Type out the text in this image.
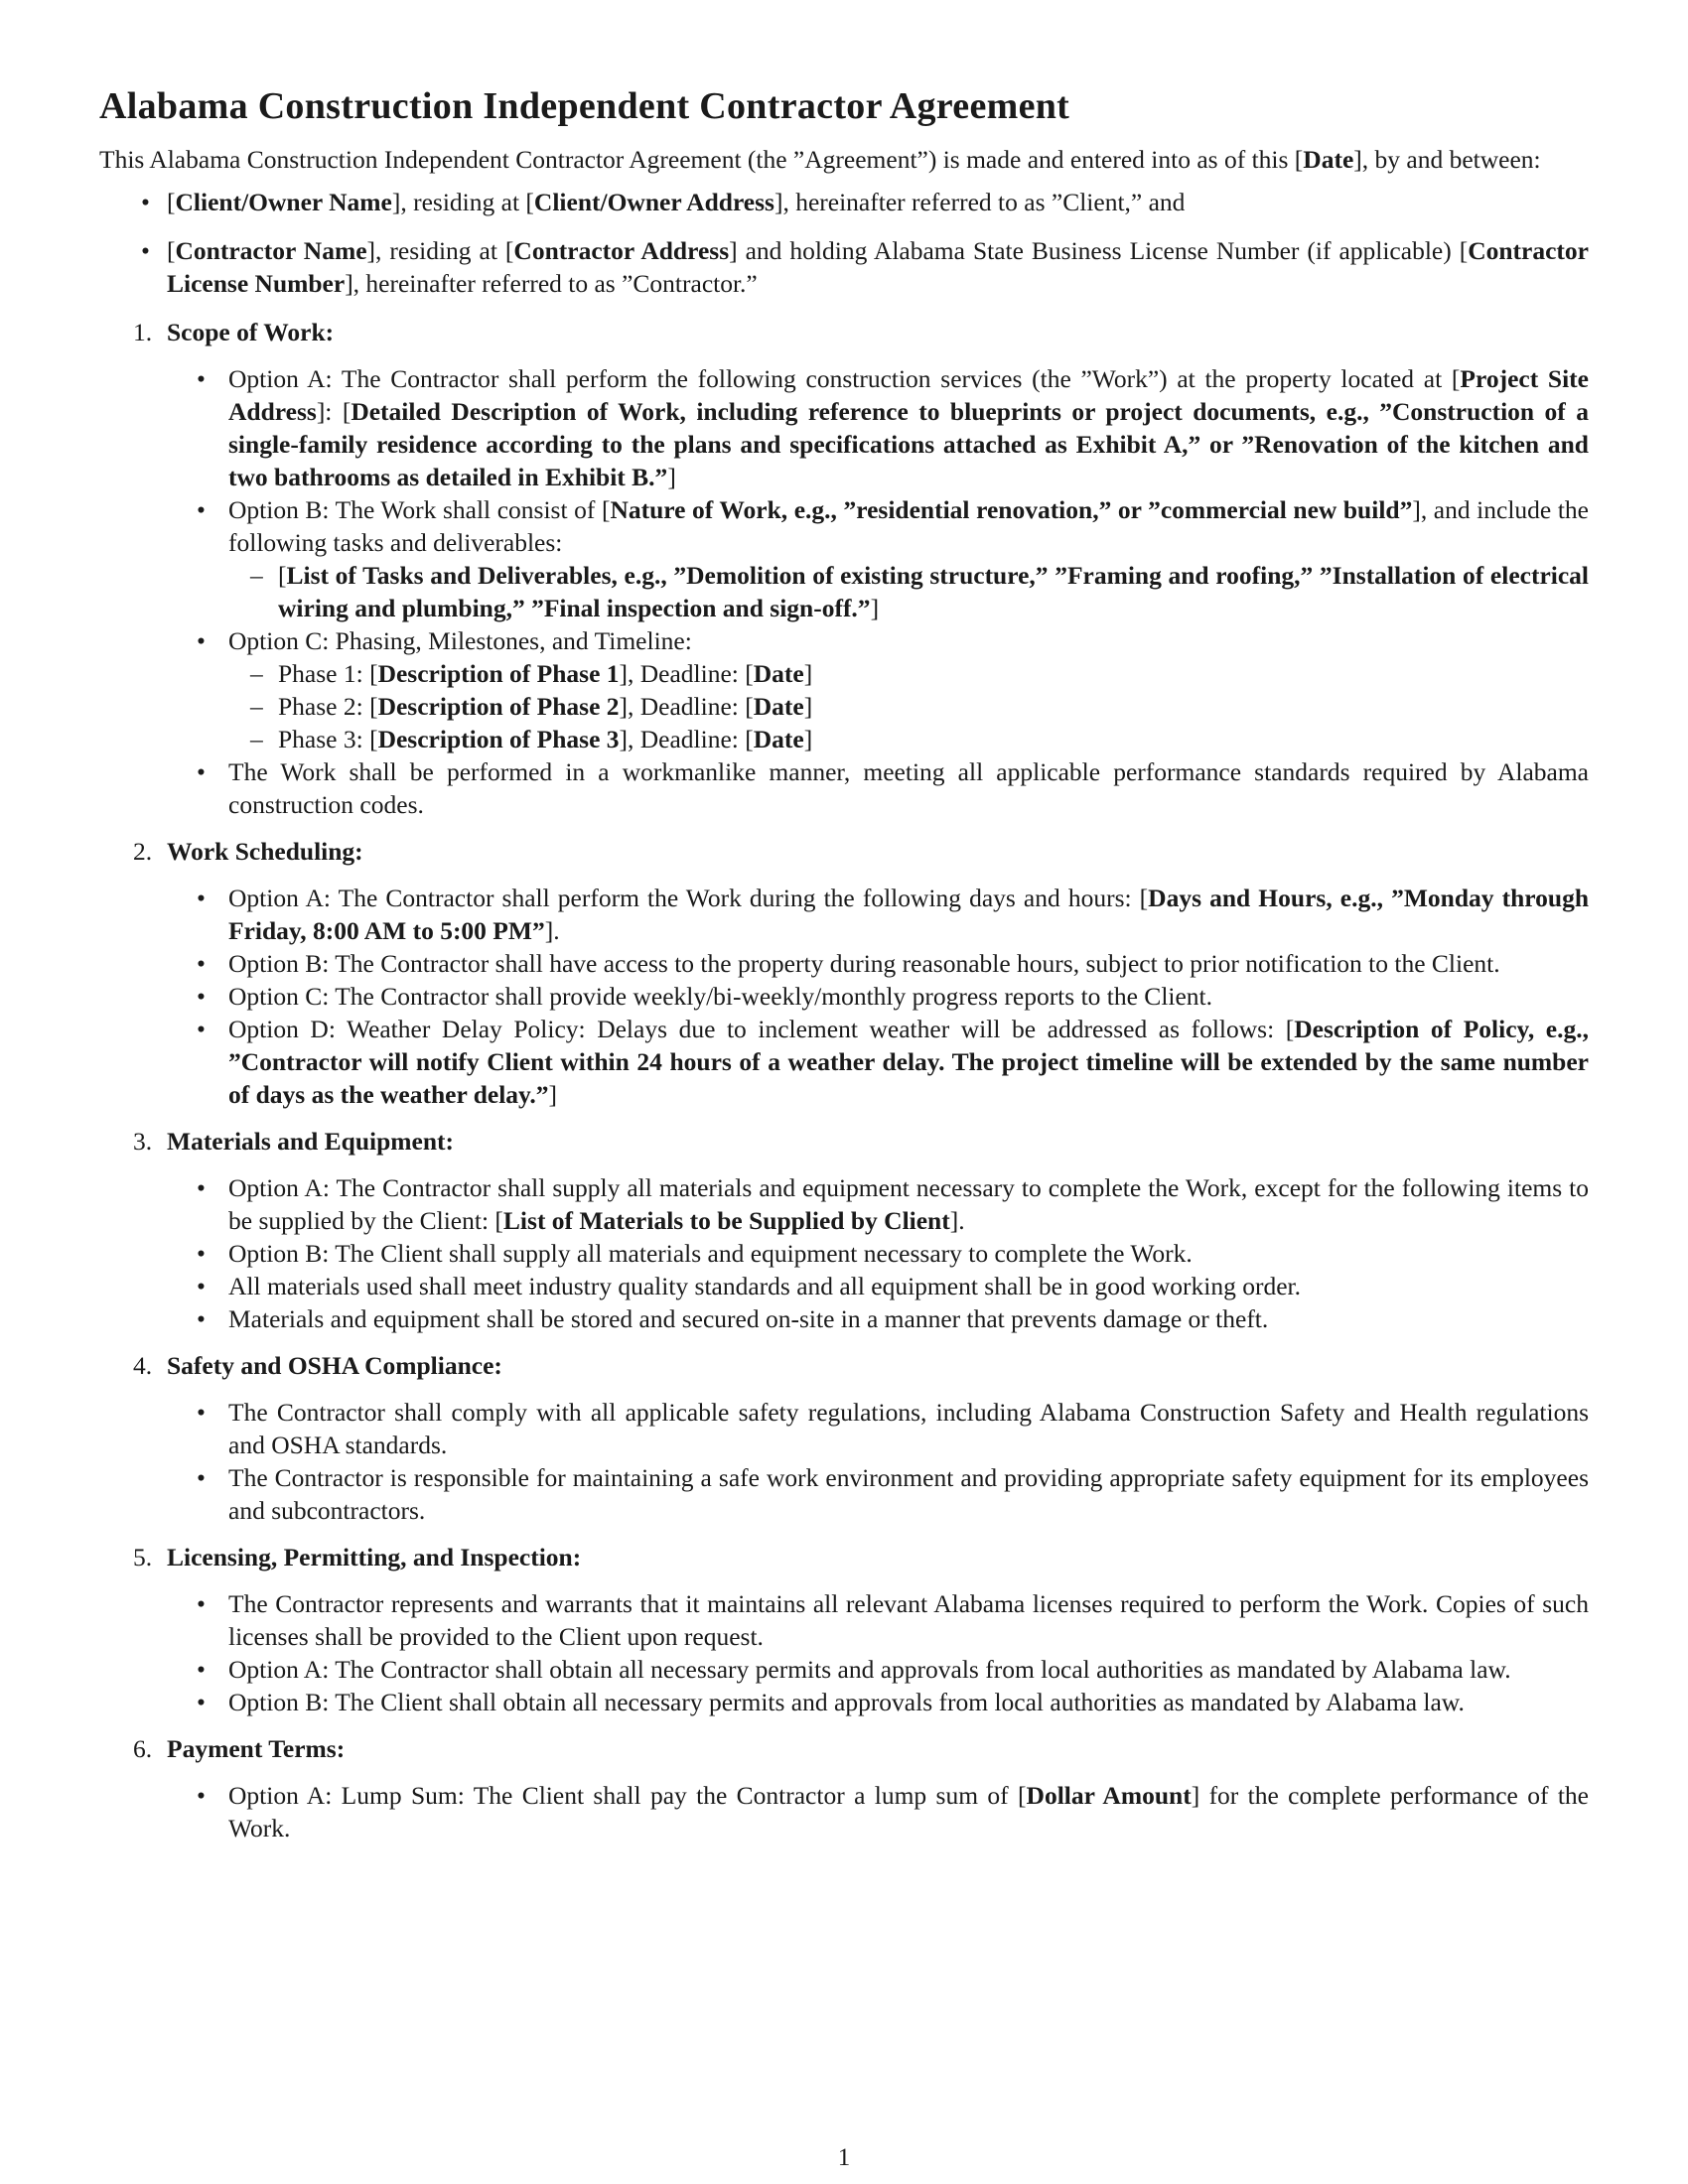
Alabama Construction Independent Contractor Agreement

This Alabama Construction Independent Contractor Agreement (the ”Agreement”) is made and entered into as of this [Date], by and between:

• [Client/Owner Name], residing at [Client/Owner Address], hereinafter referred to as ”Client,” and
• [Contractor Name], residing at [Contractor Address] and holding Alabama State Business License Number (if applicable) [Contractor License Number], hereinafter referred to as ”Contractor.”
1. Scope of Work:
• Option A: The Contractor shall perform the following construction services (the ”Work”) at the property located at [Project Site Address]: [Detailed Description of Work, including reference to blueprints or project documents, e.g., ”Construction of a single-family residence according to the plans and specifications attached as Exhibit A,” or ”Renovation of the kitchen and two bathrooms as detailed in Exhibit B.”]
• Option B: The Work shall consist of [Nature of Work, e.g., ”residential renovation,” or ”commercial new build”], and include the following tasks and deliverables:
– [List of Tasks and Deliverables, e.g., ”Demolition of existing structure,” ”Framing and roofing,” ”Installation of electrical wiring and plumbing,” ”Final inspection and sign-off.”]
• Option C: Phasing, Milestones, and Timeline:
– Phase 1: [Description of Phase 1], Deadline: [Date]
– Phase 2: [Description of Phase 2], Deadline: [Date]
– Phase 3: [Description of Phase 3], Deadline: [Date]
• The Work shall be performed in a workmanlike manner, meeting all applicable performance standards required by Alabama construction codes.
2. Work Scheduling:
• Option A: The Contractor shall perform the Work during the following days and hours: [Days and Hours, e.g., ”Monday through Friday, 8:00 AM to 5:00 PM”].
• Option B: The Contractor shall have access to the property during reasonable hours, subject to prior notification to the Client.
• Option C: The Contractor shall provide weekly/bi-weekly/monthly progress reports to the Client.
• Option D: Weather Delay Policy: Delays due to inclement weather will be addressed as follows: [Description of Policy, e.g., ”Contractor will notify Client within 24 hours of a weather delay. The project timeline will be extended by the same number of days as the weather delay.”]
3. Materials and Equipment:
• Option A: The Contractor shall supply all materials and equipment necessary to complete the Work, except for the following items to be supplied by the Client: [List of Materials to be Supplied by Client].
• Option B: The Client shall supply all materials and equipment necessary to complete the Work.
• All materials used shall meet industry quality standards and all equipment shall be in good working order.
• Materials and equipment shall be stored and secured on-site in a manner that prevents damage or theft.
4. Safety and OSHA Compliance:
• The Contractor shall comply with all applicable safety regulations, including Alabama Construction Safety and Health regulations and OSHA standards.
• The Contractor is responsible for maintaining a safe work environment and providing appropriate safety equipment for its employees and subcontractors.
5. Licensing, Permitting, and Inspection:
• The Contractor represents and warrants that it maintains all relevant Alabama licenses required to perform the Work. Copies of such licenses shall be provided to the Client upon request.
• Option A: The Contractor shall obtain all necessary permits and approvals from local authorities as mandated by Alabama law.
• Option B: The Client shall obtain all necessary permits and approvals from local authorities as mandated by Alabama law.
6. Payment Terms:
• Option A: Lump Sum: The Client shall pay the Contractor a lump sum of [Dollar Amount] for the complete performance of the Work.
1
